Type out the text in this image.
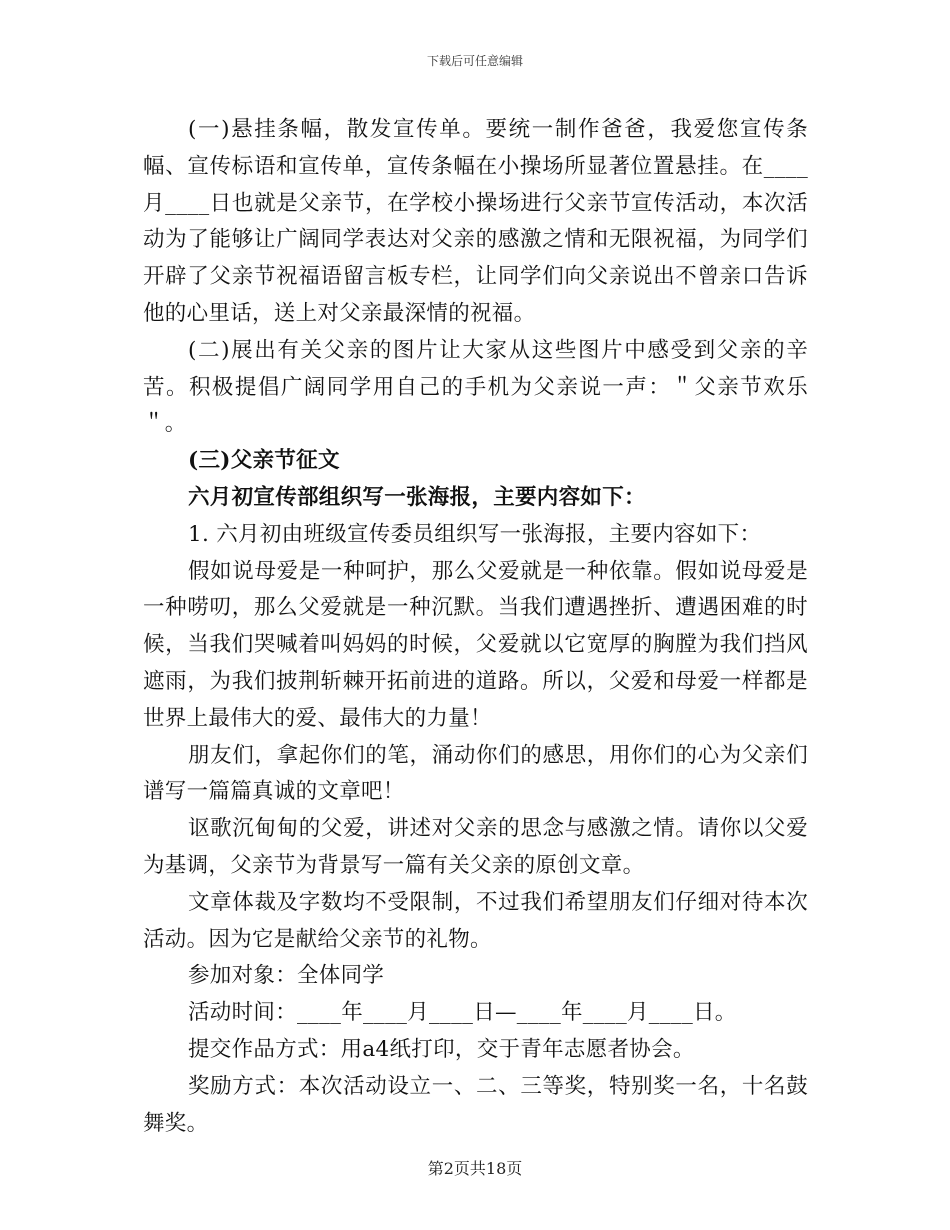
下载后可任意编辑

(一)悬挂条幅，散发宣传单。要统一制作爸爸，我爱您宣传条幅、宣传标语和宣传单，宣传条幅在小操场所显著位置悬挂。在____月____日也就是父亲节，在学校小操场进行父亲节宣传活动，本次活动为了能够让广阔同学表达对父亲的感激之情和无限祝福，为同学们开辟了父亲节祝福语留言板专栏，让同学们向父亲说出不曾亲口告诉他的心里话，送上对父亲最深情的祝福。

(二)展出有关父亲的图片让大家从这些图片中感受到父亲的辛苦。积极提倡广阔同学用自己的手机为父亲说一声：＂父亲节欢乐＂。

(三)父亲节征文

六月初宣传部组织写一张海报，主要内容如下：

1. 六月初由班级宣传委员组织写一张海报，主要内容如下：

假如说母爱是一种呵护，那么父爱就是一种依靠。假如说母爱是一种唠叨，那么父爱就是一种沉默。当我们遭遇挫折、遭遇困难的时候，当我们哭喊着叫妈妈的时候，父爱就以它宽厚的胸膛为我们挡风遮雨，为我们披荆斩棘开拓前进的道路。所以，父爱和母爱一样都是世界上最伟大的爱、最伟大的力量！

朋友们，拿起你们的笔，涌动你们的感思，用你们的心为父亲们谱写一篇篇真诚的文章吧！

讴歌沉甸甸的父爱，讲述对父亲的思念与感激之情。请你以父爱为基调，父亲节为背景写一篇有关父亲的原创文章。

文章体裁及字数均不受限制，不过我们希望朋友们仔细对待本次活动。因为它是献给父亲节的礼物。

参加对象：全体同学

活动时间：____年____月____日—____年____月____日。

提交作品方式：用a4纸打印，交于青年志愿者协会。

奖励方式：本次活动设立一、二、三等奖，特别奖一名，十名鼓舞奖。

第2页共18页
